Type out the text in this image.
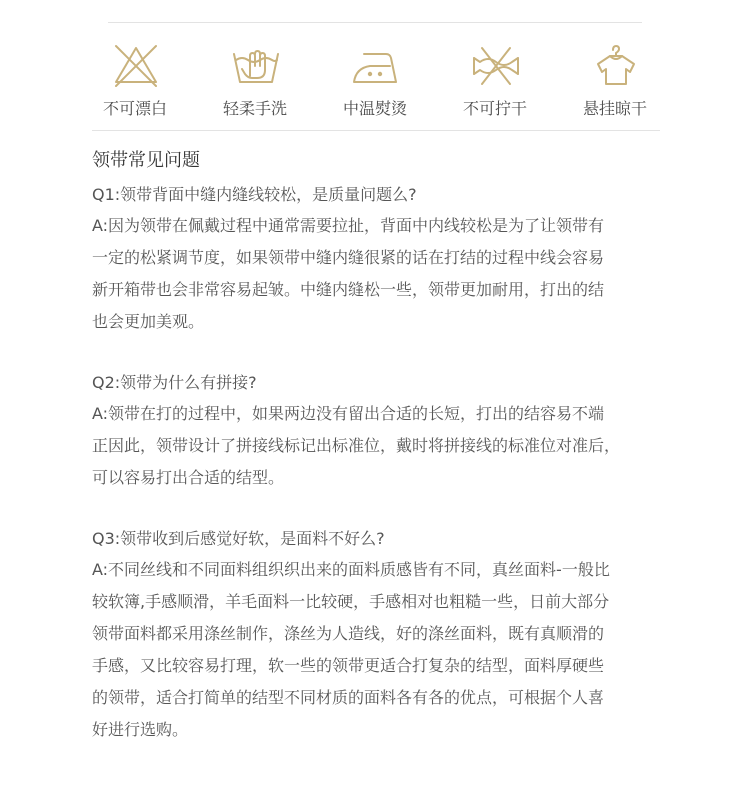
不可漂白	轻柔手洗	中温熨烫	不可拧干	悬挂晾干
领带常见问题
Q1:领带背面中缝内缝线较松，是质量问题么?
A:因为领带在佩戴过程中通常需要拉扯，背面中内线较松是为了让领带有
一定的松紧调节度，如果领带中缝内缝很紧的话在打结的过程中线会容易
新开箱带也会非常容易起皱。中缝内缝松一些，领带更加耐用，打出的结
也会更加美观。
Q2:领带为什么有拼接?
A:领带在打的过程中，如果两边没有留出合适的长短，打出的结容易不端
正因此，领带设计了拼接线标记出标准位，戴时将拼接线的标准位对准后，
可以容易打出合适的结型。
Q3:领带收到后感觉好软，是面料不好么?
A:不同丝线和不同面料组织织出来的面料质感皆有不同，真丝面料-一般比
较软簿,手感顺滑，羊毛面料一比较硬，手感相对也粗糙一些，日前大部分
领带面料都采用涤丝制作，涤丝为人造线，好的涤丝面料，既有真顺滑的
手感，又比较容易打理，软一些的领带更适合打复杂的结型，面料厚硬些
的领带，适合打简单的结型不同材质的面料各有各的优点，可根据个人喜
好进行选购。
